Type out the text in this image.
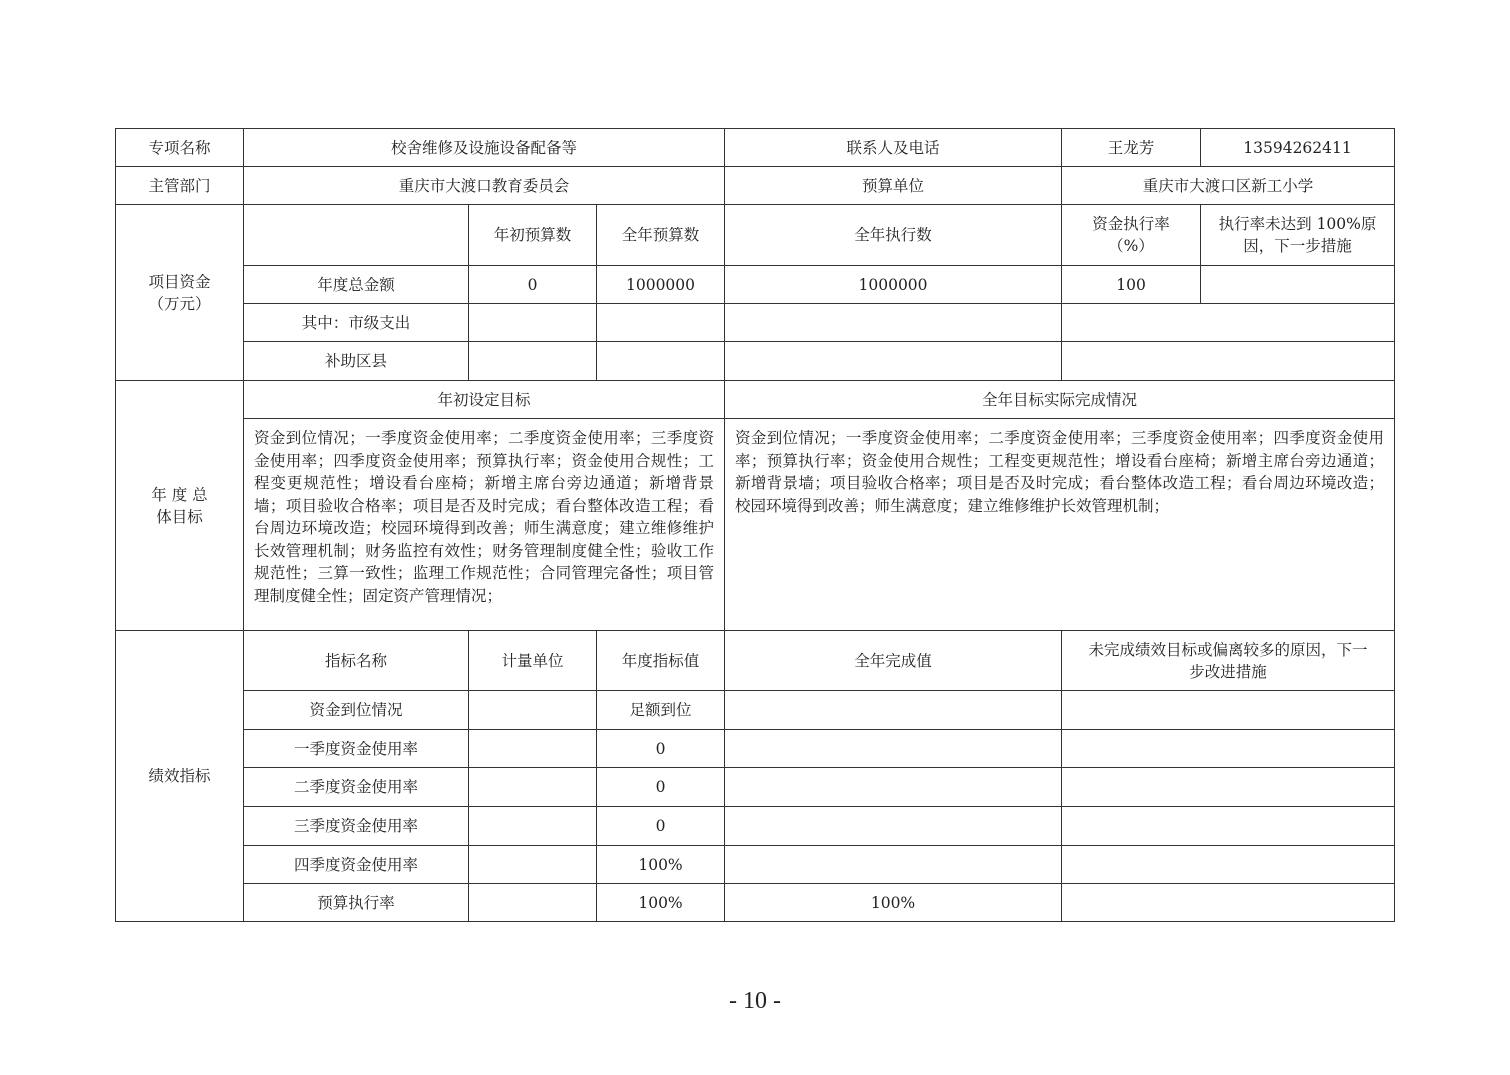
专项名称	校舍维修及设施设备配备等			联系人及电话	王龙芳	13594262411
主管部门	重庆市大渡口教育委员会			预算单位	重庆市大渡口区新工小学	

项目资金（万元）		年初预算数	全年预算数	全年执行数	资金执行率（%）	执行率未达到 100%原因，下一步措施
	年度总金额	0	1000000	1000000	100	
	其中：市级支出					
	补助区县					

年 度 总体目标	年初设定目标			全年目标实际完成情况		
	资金到位情况；一季度资金使用率；二季度资金使用率；三季度资金使用率；四季度资金使用率；预算执行率；资金使用合规性；工程变更规范性；增设看台座椅；新增主席台旁边通道；新增背景墙；项目验收合格率；项目是否及时完成；看台整体改造工程；看台周边环境改造；校园环境得到改善；师生满意度；建立维修维护长效管理机制；财务监控有效性；财务管理制度健全性；验收工作规范性；三算一致性；监理工作规范性；合同管理完备性；项目管理制度健全性；固定资产管理情况；			资金到位情况；一季度资金使用率；二季度资金使用率；三季度资金使用率；四季度资金使用率；预算执行率；资金使用合规性；工程变更规范性；增设看台座椅；新增主席台旁边通道；新增背景墙；项目验收合格率；项目是否及时完成；看台整体改造工程；看台周边环境改造；校园环境得到改善；师生满意度；建立维修维护长效管理机制；		
绩效指标	指标名称	计量单位	年度指标值	全年完成值	未完成绩效目标或偏离较多的原因，下一步改进措施	

	资金到位情况		足额到位			
	一季度资金使用率		0			
	二季度资金使用率		0			
	三季度资金使用率		0			
	四季度资金使用率		100%			
	预算执行率		100%	100%		
- 10 -
